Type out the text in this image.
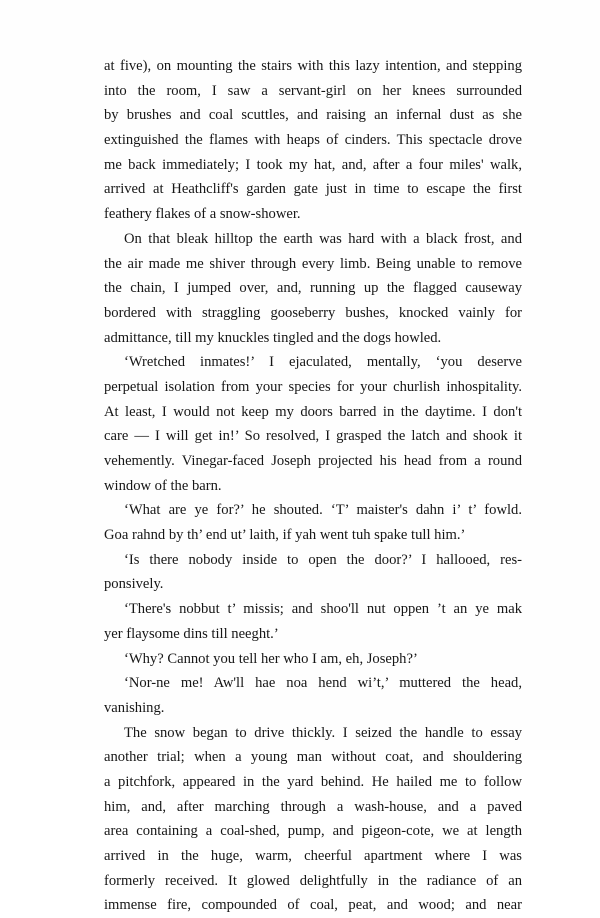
at five), on mounting the stairs with this lazy intention, and stepping
into the room, I saw a servant-girl on her knees surrounded
by brushes and coal scuttles, and raising an infernal dust as she
extinguished the flames with heaps of cinders. This spectacle drove
me back immediately; I took my hat, and, after a four miles' walk,
arrived at Heathcliff's garden gate just in time to escape the first
feathery flakes of a snow-shower.
On that bleak hilltop the earth was hard with a black frost, and
the air made me shiver through every limb. Being unable to remove
the chain, I jumped over, and, running up the flagged causeway
bordered with straggling gooseberry bushes, knocked vainly for
admittance, till my knuckles tingled and the dogs howled.
‘Wretched inmates!’ I ejaculated, mentally, ‘you deserve
perpetual isolation from your species for your churlish inhospitality.
At least, I would not keep my doors barred in the daytime. I don't
care — I will get in!’ So resolved, I grasped the latch and shook it
vehemently. Vinegar-faced Joseph projected his head from a round
window of the barn.
‘What are ye for?’ he shouted. ‘T’ maister's dahn i’ t’ fowld.
Goa rahnd by th’ end ut’ laith, if yah went tuh spake tull him.’
‘Is there nobody inside to open the door?’ I hallooed, res-
ponsively.
‘There's nobbut t’ missis; and shoo'll nut oppen ’t an ye mak
yer flaysome dins till neeght.’
‘Why? Cannot you tell her who I am, eh, Joseph?’
‘Nor-ne me! Aw'll hae noa hend wi’t,’ muttered the head,
vanishing.
The snow began to drive thickly. I seized the handle to essay
another trial; when a young man without coat, and shouldering
a pitchfork, appeared in the yard behind. He hailed me to follow
him, and, after marching through a wash-house, and a paved
area containing a coal-shed, pump, and pigeon-cote, we at length
arrived in the huge, warm, cheerful apartment where I was
formerly received. It glowed delightfully in the radiance of an
immense fire, compounded of coal, peat, and wood; and near
